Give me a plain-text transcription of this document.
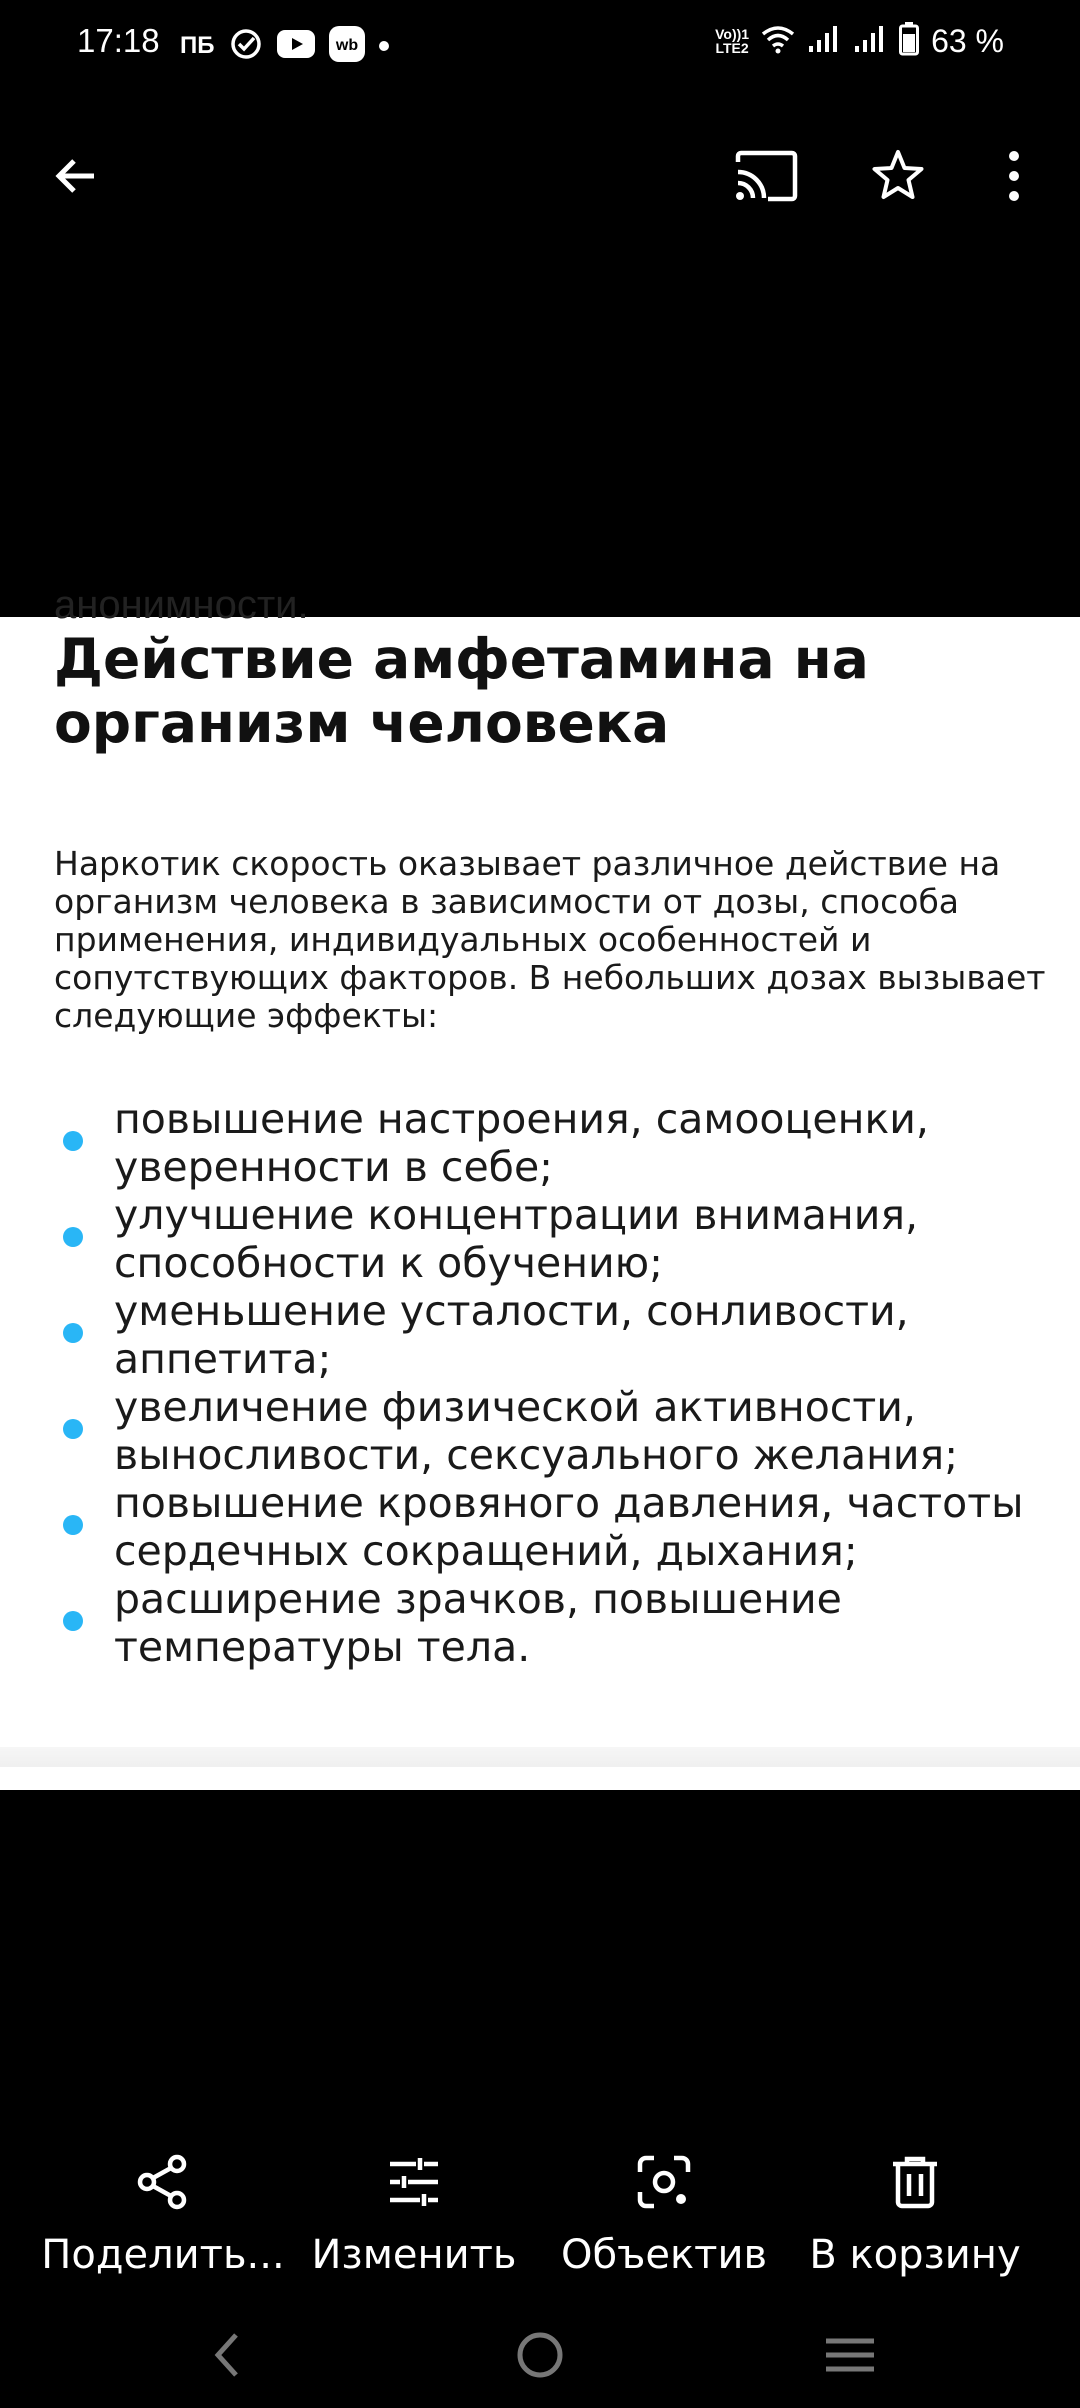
17:18 ПБ	wb
Vo))1
LTE2	63 %
анонимности.
Действие амфетамина на организм человека

Наркотик скорость оказывает различное действие на организм человека в зависимости от дозы, способа применения, индивидуальных особенностей и сопутствующих факторов. В небольших дозах вызывает следующие эффекты:

повышение настроения, самооценки, уверенности в себе;
улучшение концентрации внимания, способности к обучению;
уменьшение усталости, сонливости, аппетита;
увеличение физической активности, выносливости, сексуального желания;
повышение кровяного давления, частоты сердечных сокращений, дыхания;
расширение зрачков, повышение температуры тела.
Поделить... Изменить Объектив В корзину
